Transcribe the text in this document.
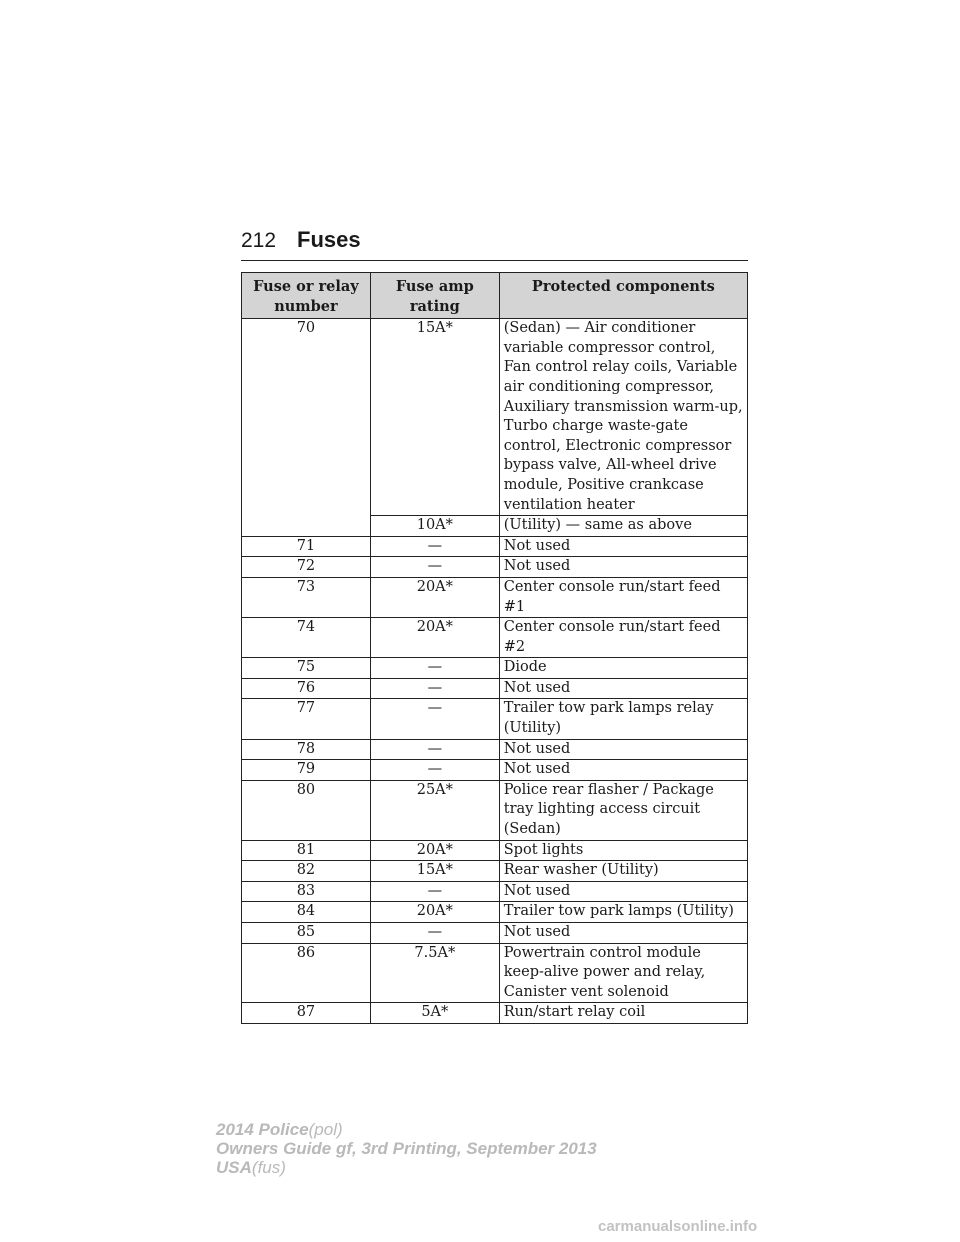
212 Fuses
Fuse or relay number	Fuse amp rating	Protected components
70	15A*	(Sedan) — Air conditioner variable compressor control, Fan control relay coils, Variable air conditioning compressor, Auxiliary transmission warm-up, Turbo charge waste-gate control, Electronic compressor bypass valve, All-wheel drive module, Positive crankcase ventilation heater
	10A*	(Utility) — same as above
71	—	Not used
72	—	Not used
73	20A*	Center console run/start feed #1
74	20A*	Center console run/start feed #2
75	—	Diode
76	—	Not used
77	—	Trailer tow park lamps relay (Utility)
78	—	Not used
79	—	Not used
80	25A*	Police rear flasher / Package tray lighting access circuit (Sedan)
81	20A*	Spot lights
82	15A*	Rear washer (Utility)
83	—	Not used
84	20A*	Trailer tow park lamps (Utility)
85	—	Not used
86	7.5A*	Powertrain control module keep-alive power and relay, Canister vent solenoid
87	5A*	Run/start relay coil
2014 Police(pol)
Owners Guide gf, 3rd Printing, September 2013
USA(fus)
carmanualsonline.info
